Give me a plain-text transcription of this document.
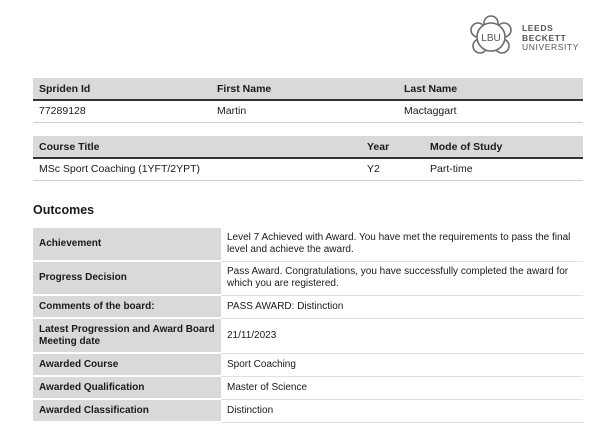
LBU
LEEDS
BECKETT
UNIVERSITY
Spriden Id	First Name	Last Name
77289128	Martin	Mactaggart
Course Title	Year	Mode of Study
MSc Sport Coaching (1YFT/2YPT)	Y2	Part-time
Outcomes
Achievement	Level 7 Achieved with Award. You have met the requirements to pass the final level and achieve the award.
Progress Decision	Pass Award. Congratulations, you have successfully completed the award for which you are registered.
Comments of the board:	PASS AWARD: Distinction
Latest Progression and Award Board Meeting date	21/11/2023
Awarded Course	Sport Coaching
Awarded Qualification	Master of Science
Awarded Classification	Distinction
